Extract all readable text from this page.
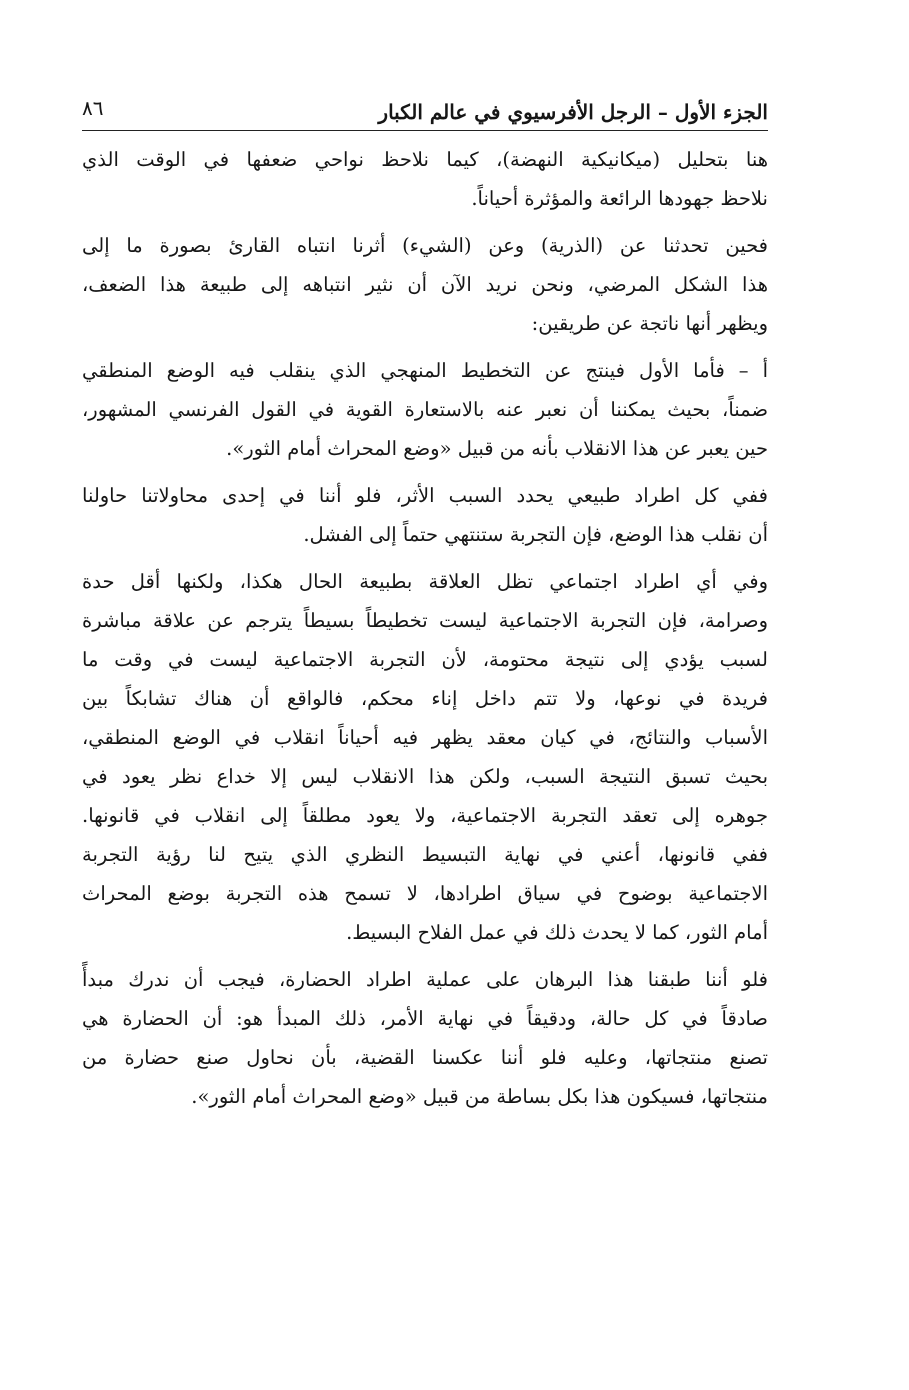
الجزء الأول – الرجل الأفرسيوي في عالم الكبار
٨٦
هنا بتحليل (ميكانيكية النهضة)، كيما نلاحظ نواحي ضعفها في الوقت الذي
نلاحظ جهودها الرائعة والمؤثرة أحياناً.
فحين تحدثنا عن (الذرية) وعن (الشيء) أثرنا انتباه القارئ بصورة ما إلى
هذا الشكل المرضي، ونحن نريد الآن أن نثير انتباهه إلى طبيعة هذا الضعف،
ويظهر أنها ناتجة عن طريقين:
أ – فأما الأول فينتج عن التخطيط المنهجي الذي ينقلب فيه الوضع المنطقي
ضمناً، بحيث يمكننا أن نعبر عنه بالاستعارة القوية في القول الفرنسي المشهور،
حين يعبر عن هذا الانقلاب بأنه من قبيل «وضع المحراث أمام الثور».
ففي كل اطراد طبيعي يحدد السبب الأثر، فلو أننا في إحدى محاولاتنا حاولنا
أن نقلب هذا الوضع، فإن التجربة ستنتهي حتماً إلى الفشل.
وفي أي اطراد اجتماعي تظل العلاقة بطبيعة الحال هكذا، ولكنها أقل حدة
وصرامة، فإن التجربة الاجتماعية ليست تخطيطاً بسيطاً يترجم عن علاقة مباشرة
لسبب يؤدي إلى نتيجة محتومة، لأن التجربة الاجتماعية ليست في وقت ما
فريدة في نوعها، ولا تتم داخل إناء محكم، فالواقع أن هناك تشابكاً بين
الأسباب والنتائج، في كيان معقد يظهر فيه أحياناً انقلاب في الوضع المنطقي،
بحيث تسبق النتيجة السبب، ولكن هذا الانقلاب ليس إلا خداع نظر يعود في
جوهره إلى تعقد التجربة الاجتماعية، ولا يعود مطلقاً إلى انقلاب في قانونها.
ففي قانونها، أعني في نهاية التبسيط النظري الذي يتيح لنا رؤية التجربة
الاجتماعية بوضوح في سياق اطرادها، لا تسمح هذه التجربة بوضع المحراث
أمام الثور، كما لا يحدث ذلك في عمل الفلاح البسيط.
فلو أننا طبقنا هذا البرهان على عملية اطراد الحضارة، فيجب أن ندرك مبدأً
صادقاً في كل حالة، ودقيقاً في نهاية الأمر، ذلك المبدأ هو: أن الحضارة هي
تصنع منتجاتها، وعليه فلو أننا عكسنا القضية، بأن نحاول صنع حضارة من
منتجاتها، فسيكون هذا بكل بساطة من قبيل «وضع المحراث أمام الثور».
